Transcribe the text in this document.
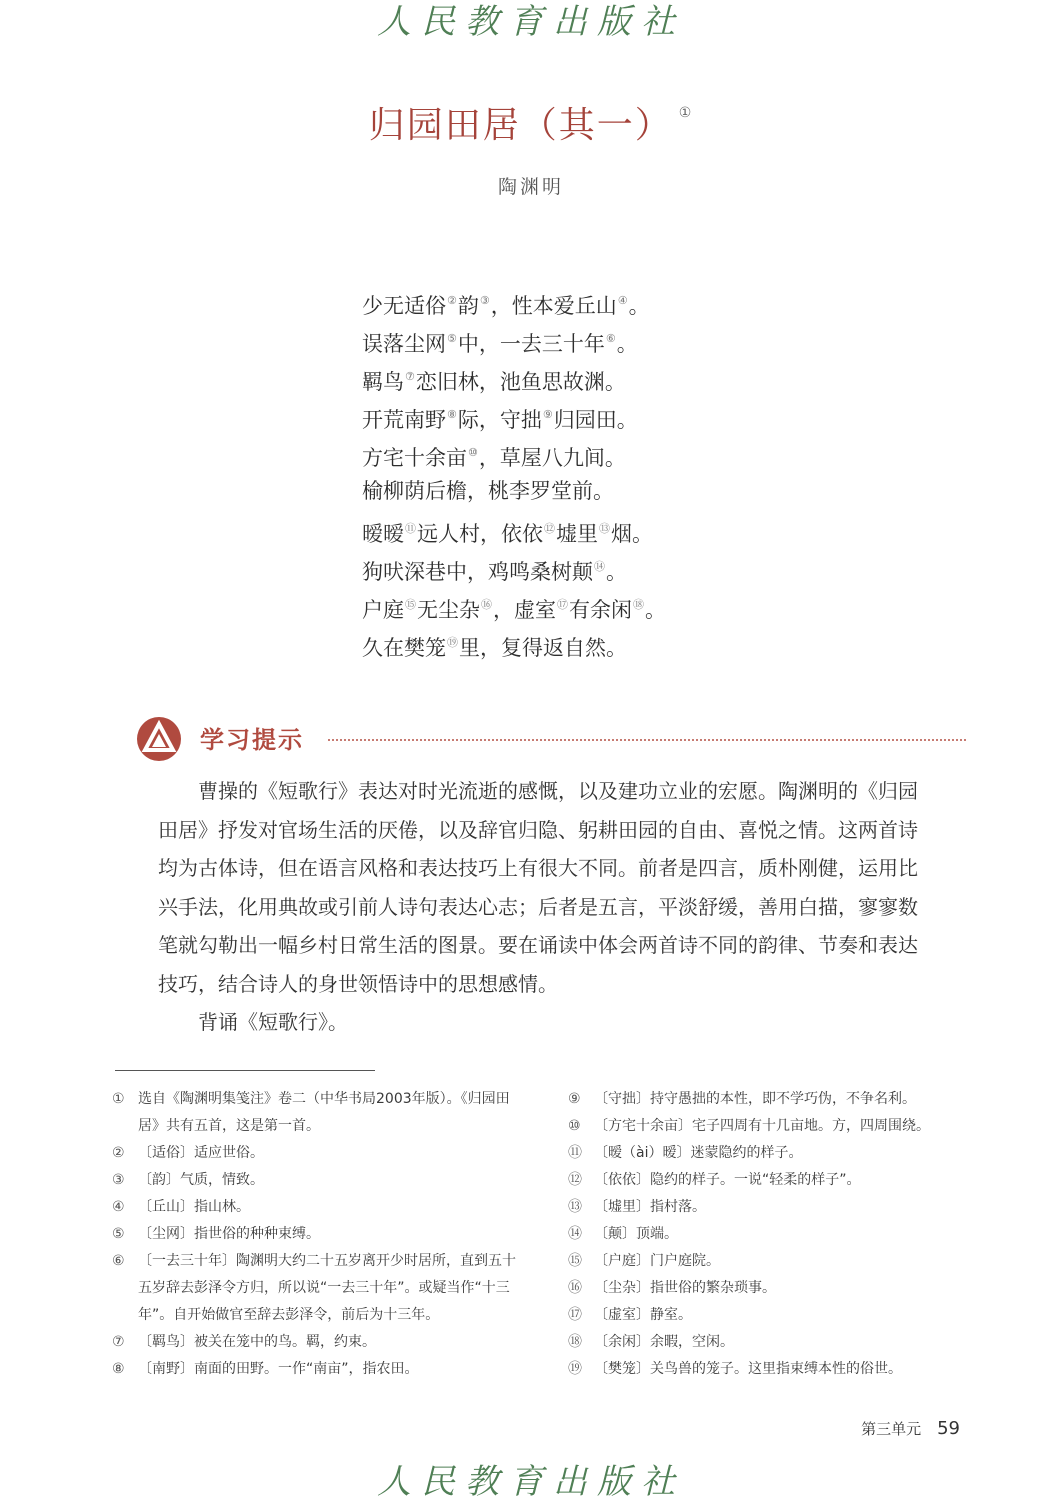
人民教育出版社
归园田居（其一） ①
陶渊明
少无适俗②韵③，性本爱丘山④。
误落尘网⑤中，一去三十年⑥。
羁鸟⑦恋旧林，池鱼思故渊。
开荒南野⑧际，守拙⑨归园田。
方宅十余亩⑩，草屋八九间。
榆柳荫后檐，桃李罗堂前。
暧暧⑪远人村，依依⑫墟里⑬烟。
狗吠深巷中，鸡鸣桑树颠⑭。
户庭⑮无尘杂⑯，虚室⑰有余闲⑱。
久在樊笼⑲里，复得返自然。
学习提示

曹操的《短歌行》表达对时光流逝的感慨，以及建功立业的宏愿。陶渊明的《归园田居》抒发对官场生活的厌倦，以及辞官归隐、躬耕田园的自由、喜悦之情。这两首诗均为古体诗，但在语言风格和表达技巧上有很大不同。前者是四言，质朴刚健，运用比兴手法，化用典故或引前人诗句表达心志；后者是五言，平淡舒缓，善用白描，寥寥数笔就勾勒出一幅乡村日常生活的图景。要在诵读中体会两首诗不同的韵律、节奏和表达技巧，结合诗人的身世领悟诗中的思想感情。

背诵《短歌行》。

① 选自《陶渊明集笺注》卷二（中华书局2003年版）。《归园田居》共有五首，这是第一首。
② 〔适俗〕适应世俗。
③ 〔韵〕气质，情致。
④ 〔丘山〕指山林。
⑤ 〔尘网〕指世俗的种种束缚。
⑥ 〔一去三十年〕陶渊明大约二十五岁离开少时居所，直到五十五岁辞去彭泽令方归，所以说“一去三十年”。或疑当作“十三年”。自开始做官至辞去彭泽令，前后为十三年。
⑦ 〔羁鸟〕被关在笼中的鸟。羁，约束。
⑧ 〔南野〕南面的田野。一作“南亩”，指农田。
⑨ 〔守拙〕持守愚拙的本性，即不学巧伪，不争名利。
⑩ 〔方宅十余亩〕宅子四周有十几亩地。方，四周围绕。
⑪ 〔暧（ài）暧〕迷蒙隐约的样子。
⑫ 〔依依〕隐约的样子。一说“轻柔的样子”。
⑬ 〔墟里〕指村落。
⑭ 〔颠〕顶端。
⑮ 〔户庭〕门户庭院。
⑯ 〔尘杂〕指世俗的繁杂琐事。
⑰ 〔虚室〕静室。
⑱ 〔余闲〕余暇，空闲。
⑲ 〔樊笼〕关鸟兽的笼子。这里指束缚本性的俗世。
第三单元 59
人民教育出版社
